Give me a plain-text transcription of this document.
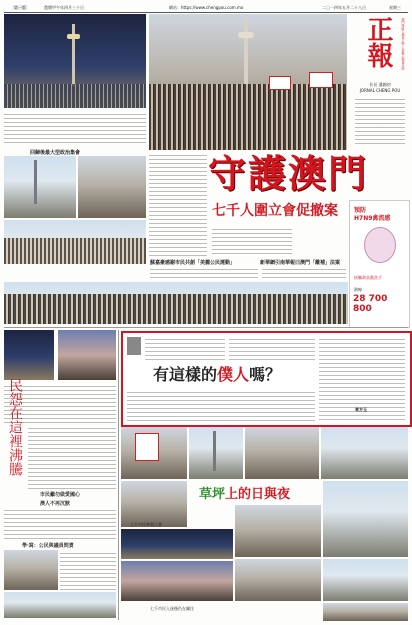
第一版	農曆甲午年四月三十日	網站：https://www.chengpou.com.mo	二〇一四年五月二十八日	星期三
正報	澳門特區仁慈堂主辦 仁愛聖心總會出版
社長 潘錦初
JORNAL CHENG POU
回歸後最大型政治集會	守護澳門
七千人圍立會促撤案
蘇嘉豪感謝市民共創「美麗公民運動」	新華網引南華報曰澳門「離補」法案
預防
H7N9禽流感
接觸禽鳥應洗手
熱線
28 700 800
民怨在這裡沸騰
市民籲勿做愛國心
澳人不再沉默
學‧寫：公民與議員問責
有這樣的僕人嗎？
東方玉
七千市民參與大會
草坪上的日與夜
七千市民入迷後仍在關注
